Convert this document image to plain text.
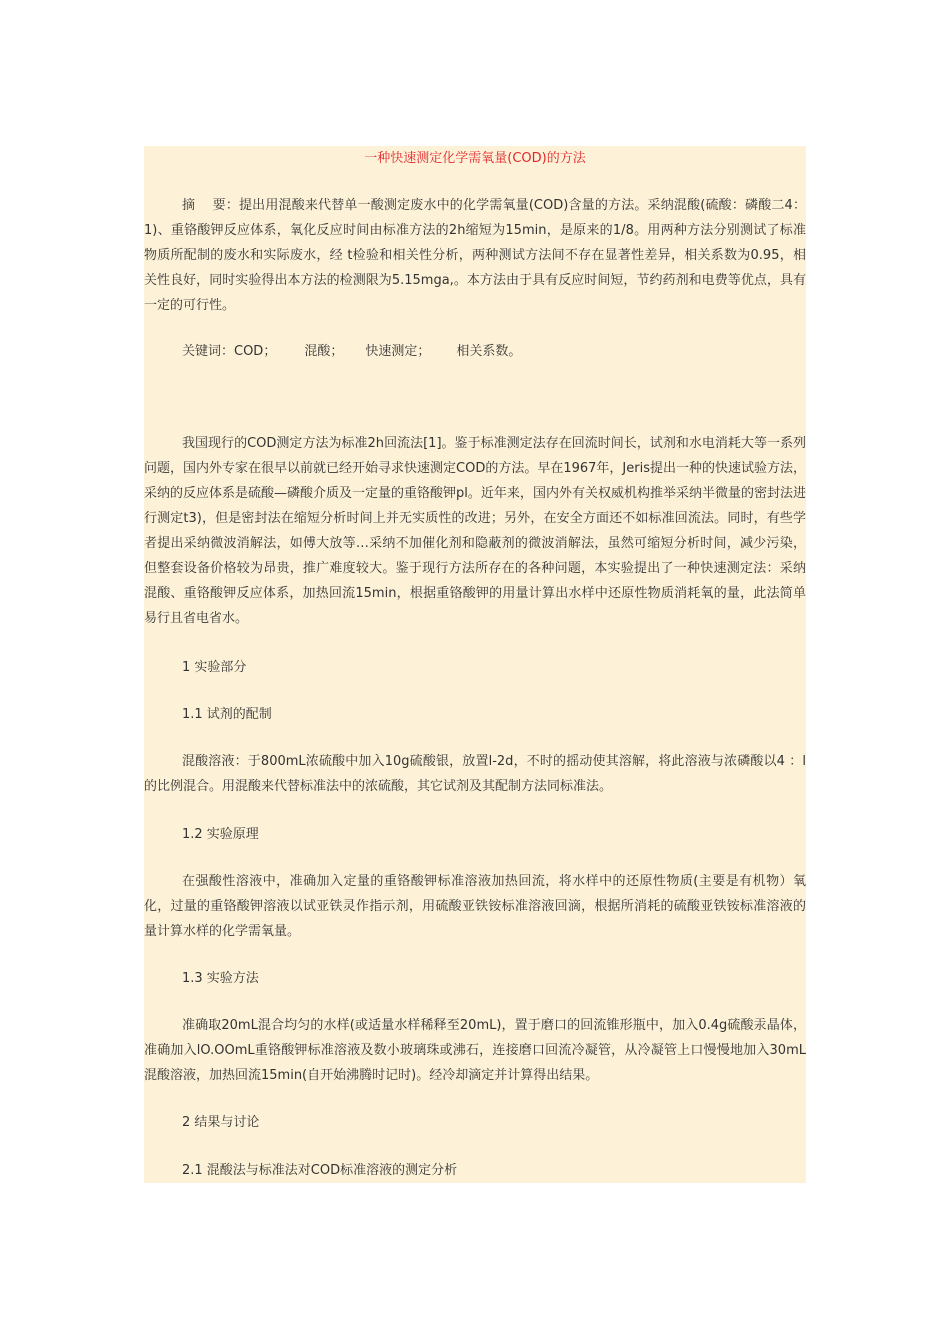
一种快速测定化学需氧量(COD)的方法

摘　 要：提出用混酸来代替单一酸测定废水中的化学需氧量(COD)含量的方法。采纳混酸(硫酸：磷酸二4：1)、重铬酸钾反应体系，氧化反应时间由标准方法的2h缩短为15min，是原来的1/8。用两种方法分别测试了标准物质所配制的废水和实际废水，经 t检验和相关性分析，两种测试方法间不存在显著性差异，相关系数为0.95，相关性良好，同时实验得出本方法的检测限为5.15mga,。本方法由于具有反应时间短，节约药剂和电费等优点，具有一定的可行性。

关键词：COD； 混酸； 快速测定； 相关系数。

我国现行的COD测定方法为标准2h回流法[1]。鉴于标准测定法存在回流时间长，试剂和水电消耗大等一系列问题，国内外专家在很早以前就已经开始寻求快速测定COD的方法。早在1967年，Jeris提出一种的快速试验方法，采纳的反应体系是硫酸—磷酸介质及一定量的重铬酸钾pl。近年来，国内外有关权威机构推举采纳半微量的密封法进行测定t3)，但是密封法在缩短分析时间上并无实质性的改进；另外，在安全方面还不如标准回流法。同时，有些学者提出采纳微波消解法，如傅大放等…采纳不加催化剂和隐蔽剂的微波消解法，虽然可缩短分析时间，减少污染，但整套设备价格较为昂贵，推广难度较大。鉴于现行方法所存在的各种问题，本实验提出了一种快速测定法：采纳混酸、重铬酸钾反应体系，加热回流15min，根据重铬酸钾的用量计算出水样中还原性物质消耗氧的量，此法简单易行且省电省水。

1 实验部分
1.1 试剂的配制

混酸溶液：于800mL浓硫酸中加入10g硫酸银，放置l-2d，不时的摇动使其溶解，将此溶液与浓磷酸以4 ：l的比例混合。用混酸来代替标准法中的浓硫酸，其它试剂及其配制方法同标准法。

1.2 实验原理

在强酸性溶液中，准确加入定量的重铬酸钾标准溶液加热回流，将水样中的还原性物质(主要是有机物）氧化，过量的重铬酸钾溶液以试亚铁灵作指示剂，用硫酸亚铁铵标准溶液回滴，根据所消耗的硫酸亚铁铵标准溶液的量计算水样的化学需氧量。

1.3 实验方法

准确取20mL混合均匀的水样(或适量水样稀释至20mL)，置于磨口的回流锥形瓶中，加入0.4g硫酸汞晶体，准确加入lO.OOmL重铬酸钾标准溶液及数小玻璃珠或沸石，连接磨口回流冷凝管，从冷凝管上口慢慢地加入30mL混酸溶液，加热回流15min(自开始沸腾时记时)。经冷却滴定并计算得出结果。

2 结果与讨论
2.1 混酸法与标准法对COD标准溶液的测定分析
